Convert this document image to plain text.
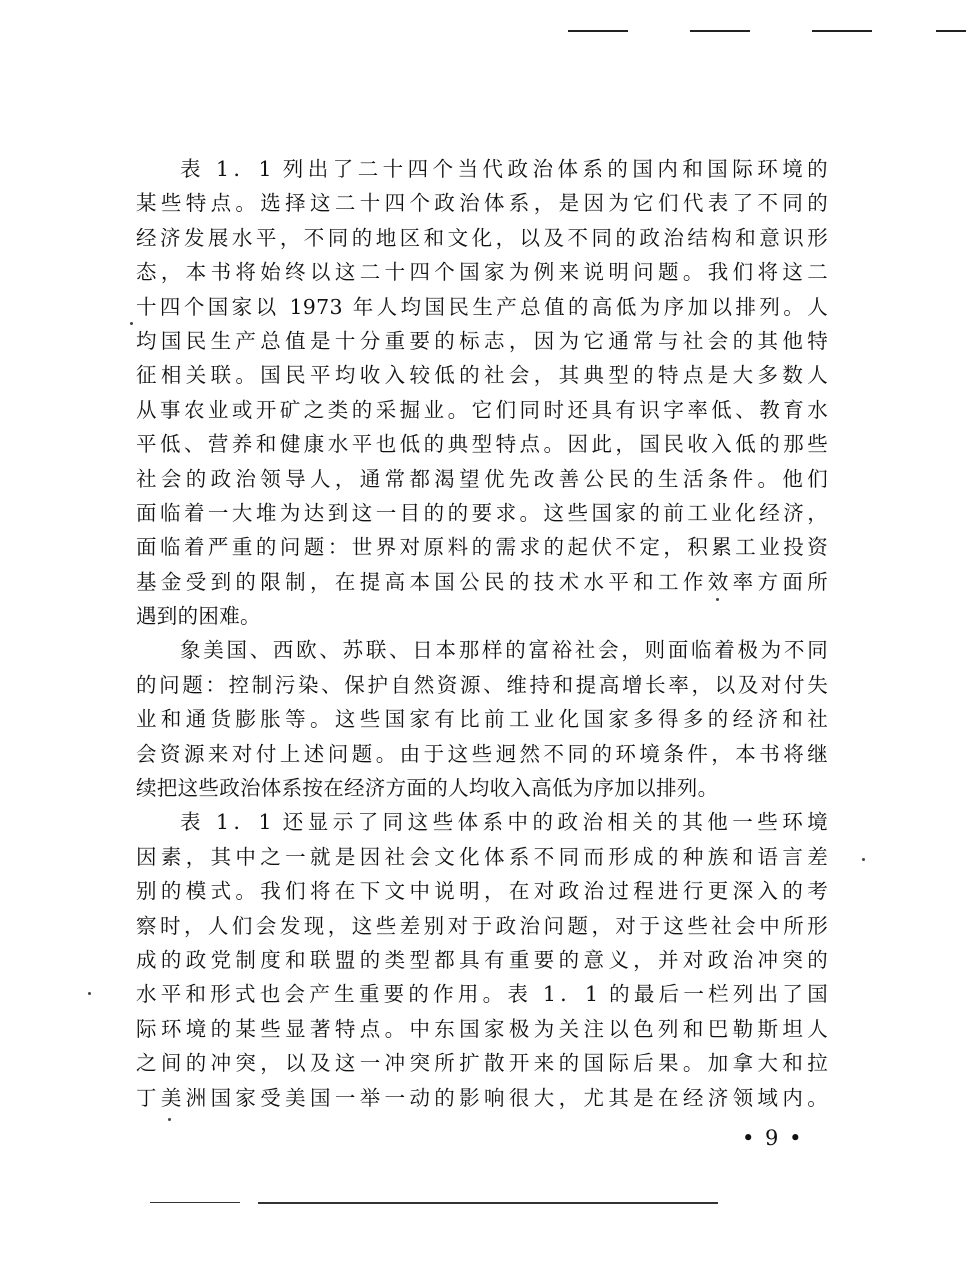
表 1．1 列出了二十四个当代政治体系的国内和国际环境的
某些特点。选择这二十四个政治体系，是因为它们代表了不同的
经济发展水平，不同的地区和文化，以及不同的政治结构和意识形
态，本书将始终以这二十四个国家为例来说明问题。我们将这二
十四个国家以 1973 年人均国民生产总值的高低为序加以排列。人
均国民生产总值是十分重要的标志，因为它通常与社会的其他特
征相关联。国民平均收入较低的社会，其典型的特点是大多数人
从事农业或开矿之类的采掘业。它们同时还具有识字率低、教育水
平低、营养和健康水平也低的典型特点。因此，国民收入低的那些
社会的政治领导人，通常都渴望优先改善公民的生活条件。他们
面临着一大堆为达到这一目的的要求。这些国家的前工业化经济，
面临着严重的问题：世界对原料的需求的起伏不定，积累工业投资
基金受到的限制，在提高本国公民的技术水平和工作效率方面所
遇到的困难。
象美国、西欧、苏联、日本那样的富裕社会，则面临着极为不同
的问题：控制污染、保护自然资源、维持和提高增长率，以及对付失
业和通货膨胀等。这些国家有比前工业化国家多得多的经济和社
会资源来对付上述问题。由于这些迥然不同的环境条件，本书将继
续把这些政治体系按在经济方面的人均收入高低为序加以排列。
表 1．1 还显示了同这些体系中的政治相关的其他一些环境
因素，其中之一就是因社会文化体系不同而形成的种族和语言差
别的模式。我们将在下文中说明，在对政治过程进行更深入的考
察时，人们会发现，这些差别对于政治问题，对于这些社会中所形
成的政党制度和联盟的类型都具有重要的意义，并对政治冲突的
水平和形式也会产生重要的作用。表 1．1 的最后一栏列出了国
际环境的某些显著特点。中东国家极为关注以色列和巴勒斯坦人
之间的冲突，以及这一冲突所扩散开来的国际后果。加拿大和拉
丁美洲国家受美国一举一动的影响很大，尤其是在经济领域内。
• 9 •
